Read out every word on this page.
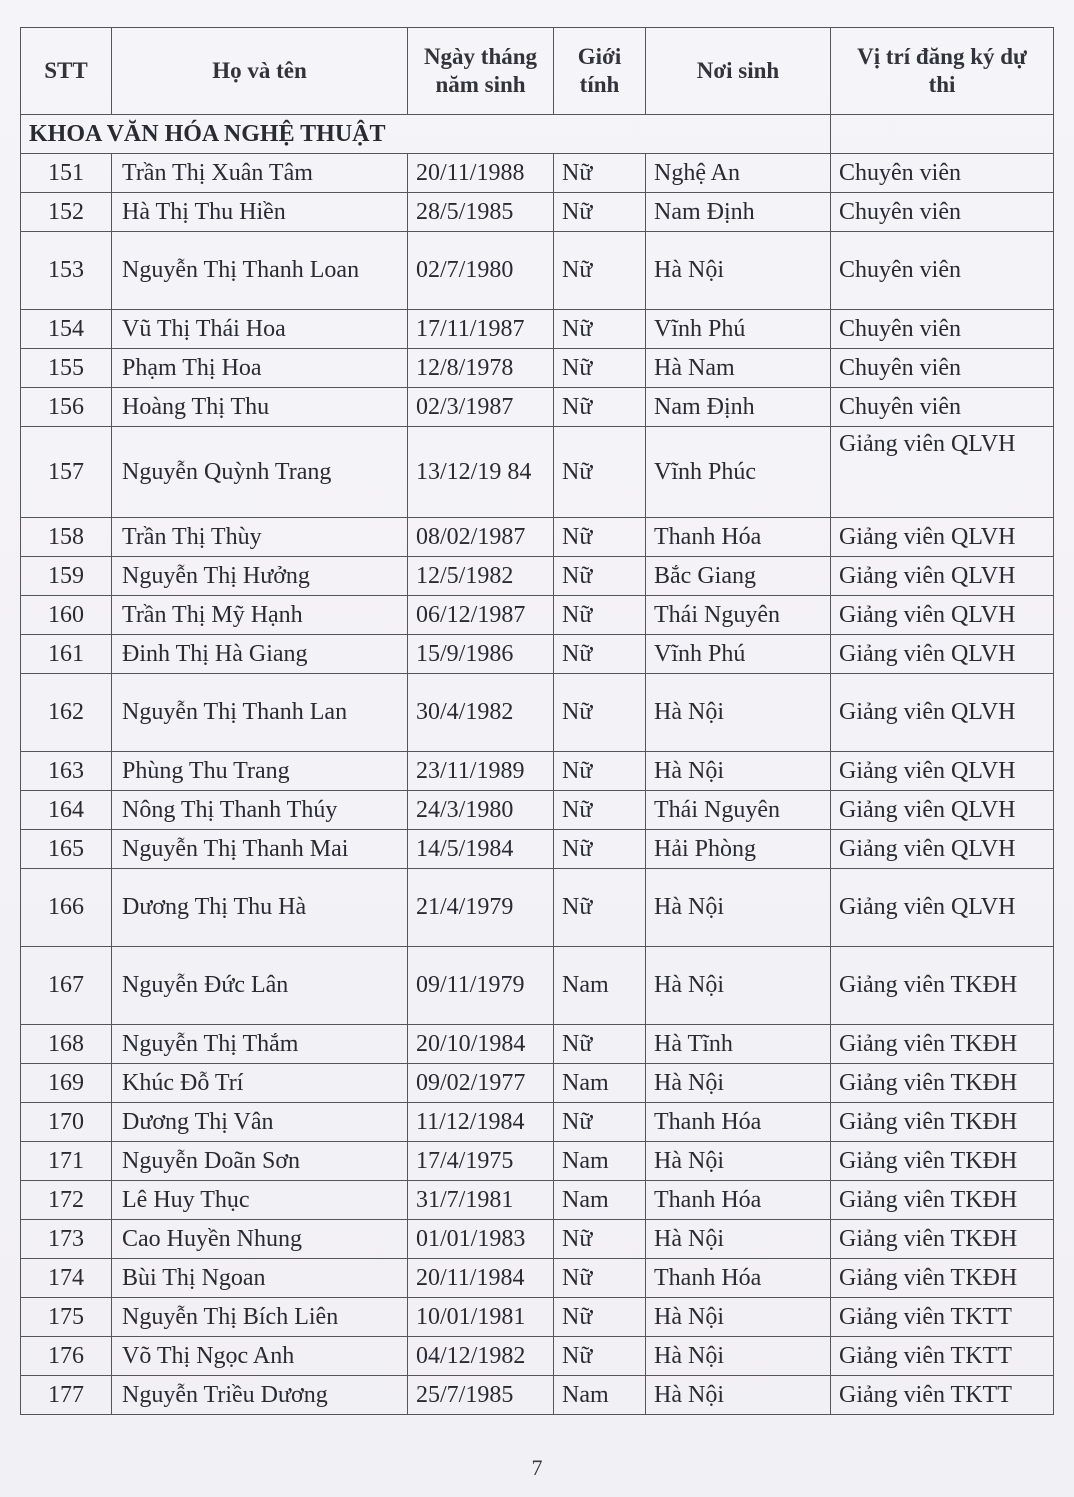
STT	Họ và tên	Ngày tháng năm sinh	Giới tính	Nơi sinh	Vị trí đăng ký dự thi
KHOA VĂN HÓA NGHỆ THUẬT					
151	Trần Thị Xuân Tâm	20/11/1988	Nữ	Nghệ An	Chuyên viên
152	Hà Thị Thu Hiền	28/5/1985	Nữ	Nam Định	Chuyên viên
153	Nguyễn Thị Thanh Loan	02/7/1980	Nữ	Hà Nội	Chuyên viên
154	Vũ Thị Thái Hoa	17/11/1987	Nữ	Vĩnh Phú	Chuyên viên
155	Phạm Thị Hoa	12/8/1978	Nữ	Hà Nam	Chuyên viên
156	Hoàng Thị Thu	02/3/1987	Nữ	Nam Định	Chuyên viên
157	Nguyễn Quỳnh Trang	13/12/19 84	Nữ	Vĩnh Phúc	Giảng viên QLVH
158	Trần Thị Thùy	08/02/1987	Nữ	Thanh Hóa	Giảng viên QLVH
159	Nguyễn Thị Hưởng	12/5/1982	Nữ	Bắc Giang	Giảng viên QLVH
160	Trần Thị Mỹ Hạnh	06/12/1987	Nữ	Thái Nguyên	Giảng viên QLVH
161	Đinh Thị Hà Giang	15/9/1986	Nữ	Vĩnh Phú	Giảng viên QLVH
162	Nguyễn Thị Thanh Lan	30/4/1982	Nữ	Hà Nội	Giảng viên QLVH
163	Phùng Thu Trang	23/11/1989	Nữ	Hà Nội	Giảng viên QLVH
164	Nông Thị Thanh Thúy	24/3/1980	Nữ	Thái Nguyên	Giảng viên QLVH
165	Nguyễn Thị Thanh Mai	14/5/1984	Nữ	Hải Phòng	Giảng viên QLVH
166	Dương Thị Thu Hà	21/4/1979	Nữ	Hà Nội	Giảng viên QLVH
167	Nguyễn Đức Lân	09/11/1979	Nam	Hà Nội	Giảng viên TKĐH
168	Nguyễn Thị Thắm	20/10/1984	Nữ	Hà Tĩnh	Giảng viên TKĐH
169	Khúc Đỗ Trí	09/02/1977	Nam	Hà Nội	Giảng viên TKĐH
170	Dương Thị Vân	11/12/1984	Nữ	Thanh Hóa	Giảng viên TKĐH
171	Nguyễn Doãn Sơn	17/4/1975	Nam	Hà Nội	Giảng viên TKĐH
172	Lê Huy Thục	31/7/1981	Nam	Thanh Hóa	Giảng viên TKĐH
173	Cao Huyền Nhung	01/01/1983	Nữ	Hà Nội	Giảng viên TKĐH
174	Bùi Thị Ngoan	20/11/1984	Nữ	Thanh Hóa	Giảng viên TKĐH
175	Nguyễn Thị Bích Liên	10/01/1981	Nữ	Hà Nội	Giảng viên TKTT
176	Võ Thị Ngọc Anh	04/12/1982	Nữ	Hà Nội	Giảng viên TKTT
177	Nguyễn Triều Dương	25/7/1985	Nam	Hà Nội	Giảng viên TKTT
7
